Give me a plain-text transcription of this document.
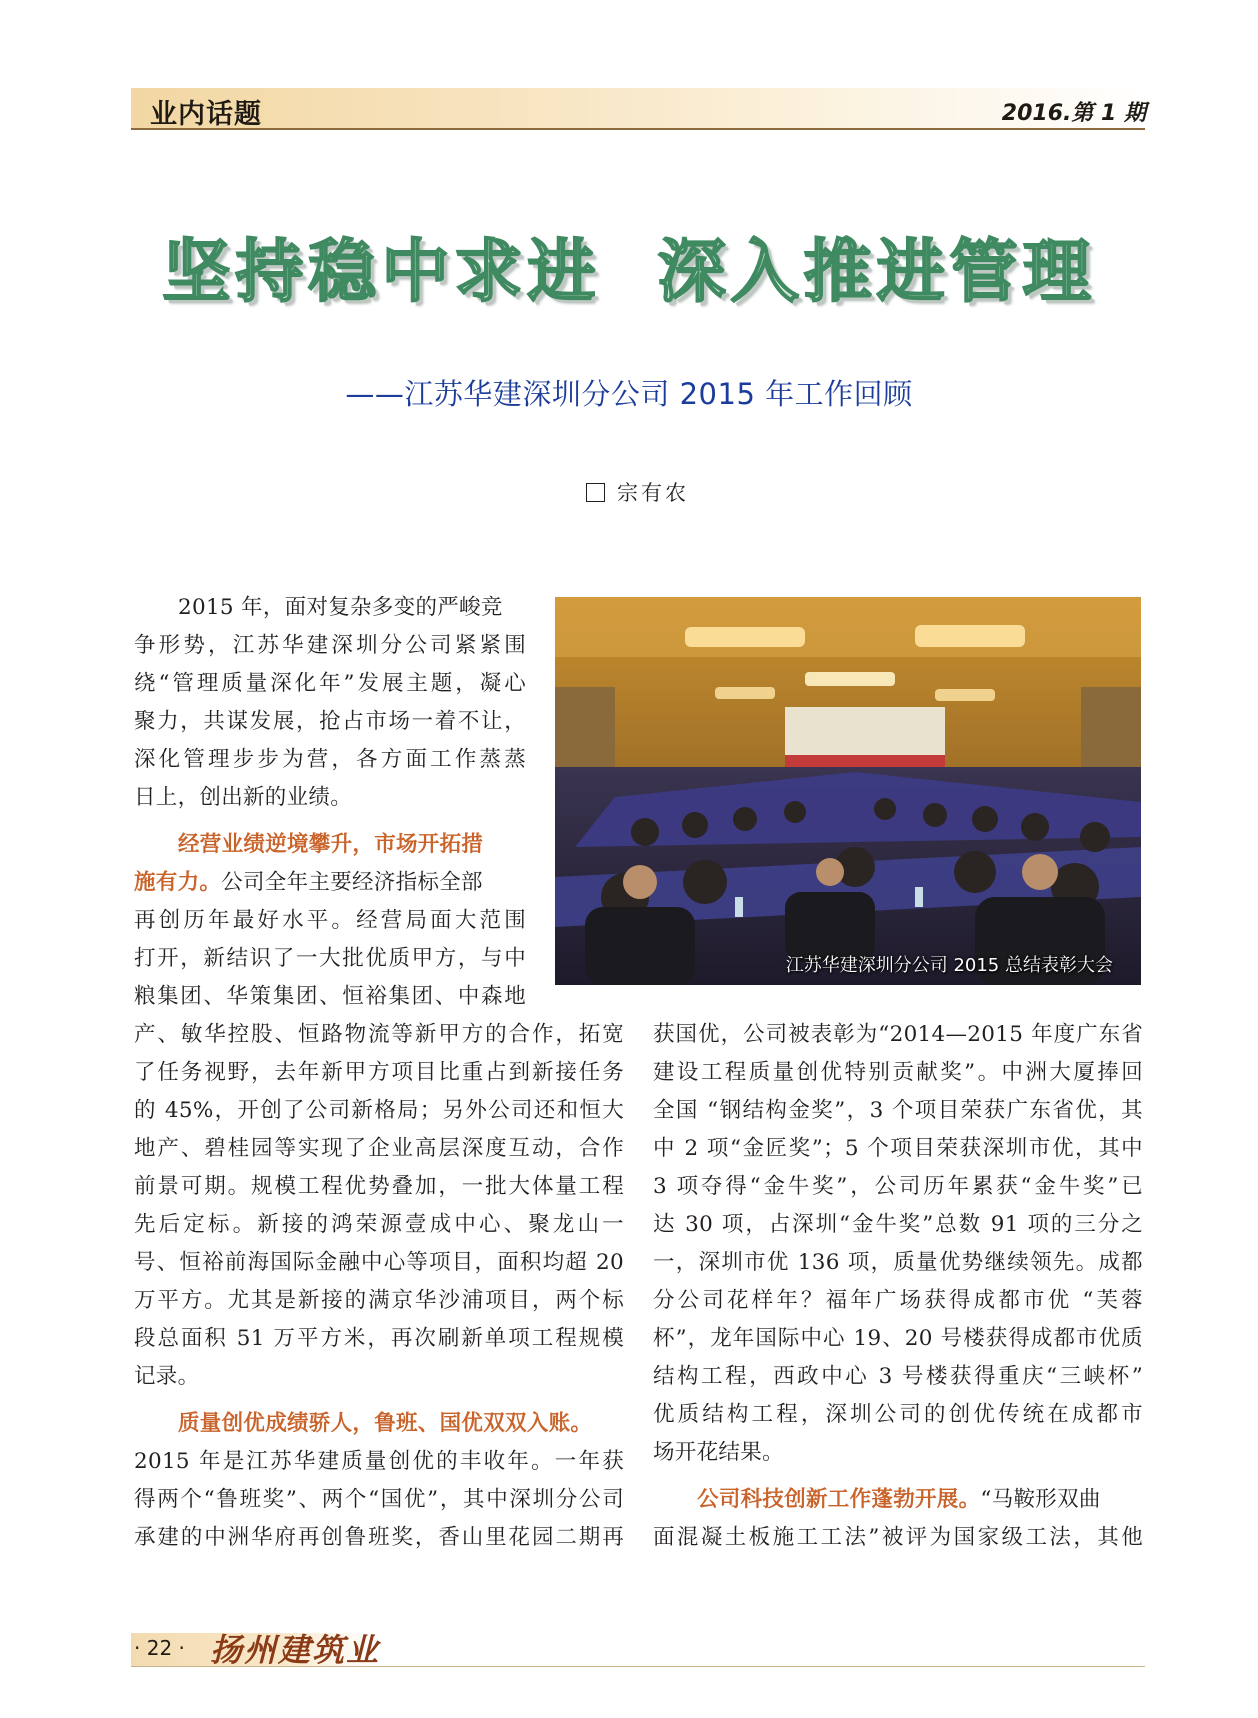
业内话题	2016.第 1 期
坚持稳中求进  深入推进管理
——江苏华建深圳分公司 2015 年工作回顾
宗有农
江苏华建深圳分公司 2015 总结表彰大会
2015 年，面对复杂多变的严峻竞
争形势，江苏华建深圳分公司紧紧围
绕“管理质量深化年”发展主题，凝心
聚力，共谋发展，抢占市场一着不让，
深化管理步步为营，各方面工作蒸蒸
日上，创出新的业绩。
经营业绩逆境攀升，市场开拓措
施有力。公司全年主要经济指标全部
再创历年最好水平。经营局面大范围
打开，新结识了一大批优质甲方，与中
粮集团、华策集团、恒裕集团、中森地
产、敏华控股、恒路物流等新甲方的合作，拓宽
了任务视野，去年新甲方项目比重占到新接任务
的 45%，开创了公司新格局；另外公司还和恒大
地产、碧桂园等实现了企业高层深度互动，合作
前景可期。规模工程优势叠加，一批大体量工程
先后定标。新接的鸿荣源壹成中心、聚龙山一
号、恒裕前海国际金融中心等项目，面积均超 20
万平方。尤其是新接的满京华沙浦项目，两个标
段总面积 51 万平方米，再次刷新单项工程规模
记录。
质量创优成绩骄人，鲁班、国优双双入账。
2015 年是江苏华建质量创优的丰收年。一年获
得两个“鲁班奖”、两个“国优”，其中深圳分公司
承建的中洲华府再创鲁班奖，香山里花园二期再
获国优，公司被表彰为“2014—2015 年度广东省
建设工程质量创优特别贡献奖”。中洲大厦捧回
全国 “钢结构金奖”，3 个项目荣获广东省优，其
中 2 项“金匠奖”；5 个项目荣获深圳市优，其中
3 项夺得“金牛奖”，公司历年累获“金牛奖”已
达 30 项，占深圳“金牛奖”总数 91 项的三分之
一，深圳市优 136 项，质量优势继续领先。成都
分公司花样年？福年广场获得成都市优 “芙蓉
杯”，龙年国际中心 19、20 号楼获得成都市优质
结构工程，西政中心 3 号楼获得重庆“三峡杯”
优质结构工程，深圳公司的创优传统在成都市
场开花结果。
公司科技创新工作蓬勃开展。“马鞍形双曲
面混凝土板施工工法”被评为国家级工法，其他
· 22 · 扬州建筑业
